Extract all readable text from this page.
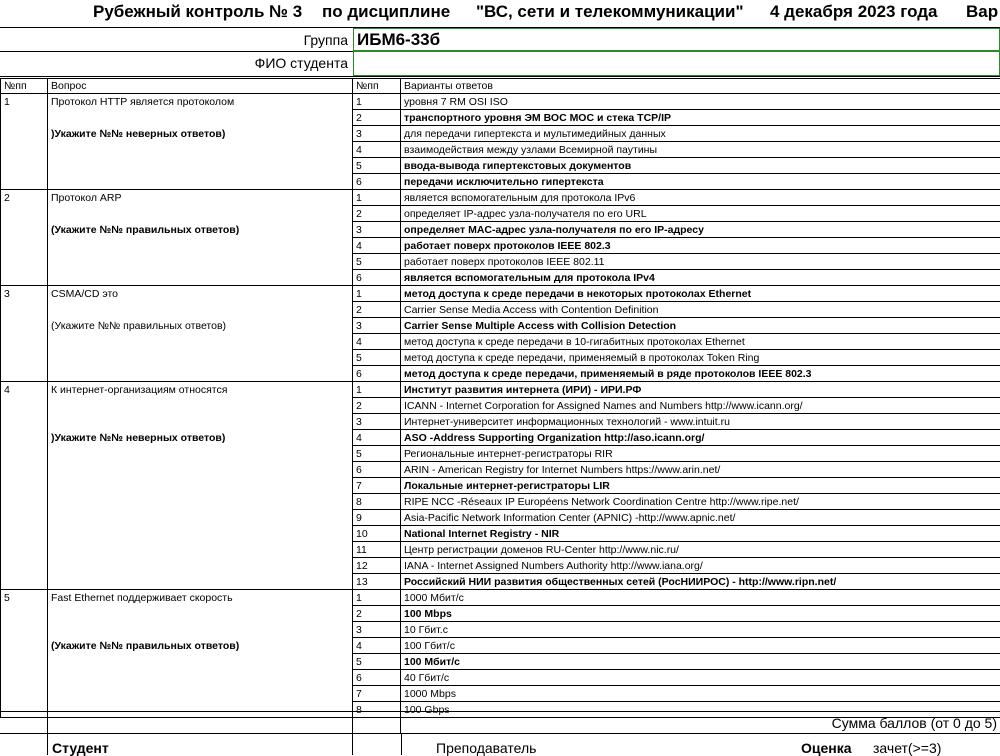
Рубежный контроль № 3 по дисциплине "ВС, сети и телекоммуникации" 4 декабря 2023 года Вар
Группа ИБМ6-33б
ФИО студента
№пп	Вопрос	№пп	Варианты ответов
1	Протокол HTTP является протоколом	1	уровня 7 RM OSI ISO
		2	транспортного уровня ЭМ ВОС МОС и стека TCP/IP
	)Укажите №№ неверных ответов)	3	для передачи гипертекста и мультимедийных данных
		4	взаимодействия между узлами Всемирной паутины
		5	ввода-вывода гипертекстовых документов
		6	передачи исключительно гипертекста
2	Протокол ARP	1	является вспомогательным для протокола IPv6
		2	определяет IP-адрес узла-получателя по его URL
	(Укажите №№ правильных ответов)	3	определяет MAC-адрес узла-получателя по его IP-адресу
		4	работает поверх протоколов IEEE 802.3
		5	работает поверх протоколов IEEE 802.11
		6	является вспомогательным для протокола IPv4
3	CSMA/CD это	1	метод доступа к среде передачи в некоторых протоколах Ethernet
		2	Carrier Sense Media Access with Contention Definition
	(Укажите №№ правильных ответов)	3	Carrier Sense Multiple Access with Collision Detection
		4	метод доступа к среде передачи в 10-гигабитных протоколах Ethernet
		5	метод доступа к среде передачи, применяемый в протоколах Token Ring
		6	метод доступа к среде передачи, применяемый в ряде протоколов IEEE 802.3
4	К интернет-организациям относятся	1	Институт развития интернета (ИРИ) - ИРИ.РФ
		2	ICANN - Internet Corporation for Assigned Names and Numbers http://www.icann.org/
		3	Интернет-университет информационных технологий - www.intuit.ru
	)Укажите №№ неверных ответов)	4	ASO -Address Supporting Organization http://aso.icann.org/
		5	Региональные интернет-регистраторы RIR
		6	ARIN - American Registry for Internet Numbers https://www.arin.net/
		7	Локальные интернет-регистраторы LIR
		8	RIPE NCC -Réseaux IP Européens Network Coordination Centre http://www.ripe.net/
		9	Asia-Pacific Network Information Center (APNIC) -http://www.apnic.net/
		10	National Internet Registry - NIR
		11	Центр регистрации доменов RU-Center http://www.nic.ru/
		12	IANA - Internet Assigned Numbers Authority http://www.iana.org/
		13	Российский НИИ развития общественных сетей (РосНИИРОС) - http://www.ripn.net/
5	Fast Ethernet поддерживает скорость	1	1000 Мбит/с
		2	100 Mbps
		3	10 Гбит.с
	(Укажите №№ правильных ответов)	4	100 Гбит/с
		5	100 Мбит/с
		6	40 Гбит/с
		7	1000 Mbps
		8	100 Gbps
Сумма баллов (от 0 до 5)
Студент	Преподаватель	Оценка зачет(>=3)
